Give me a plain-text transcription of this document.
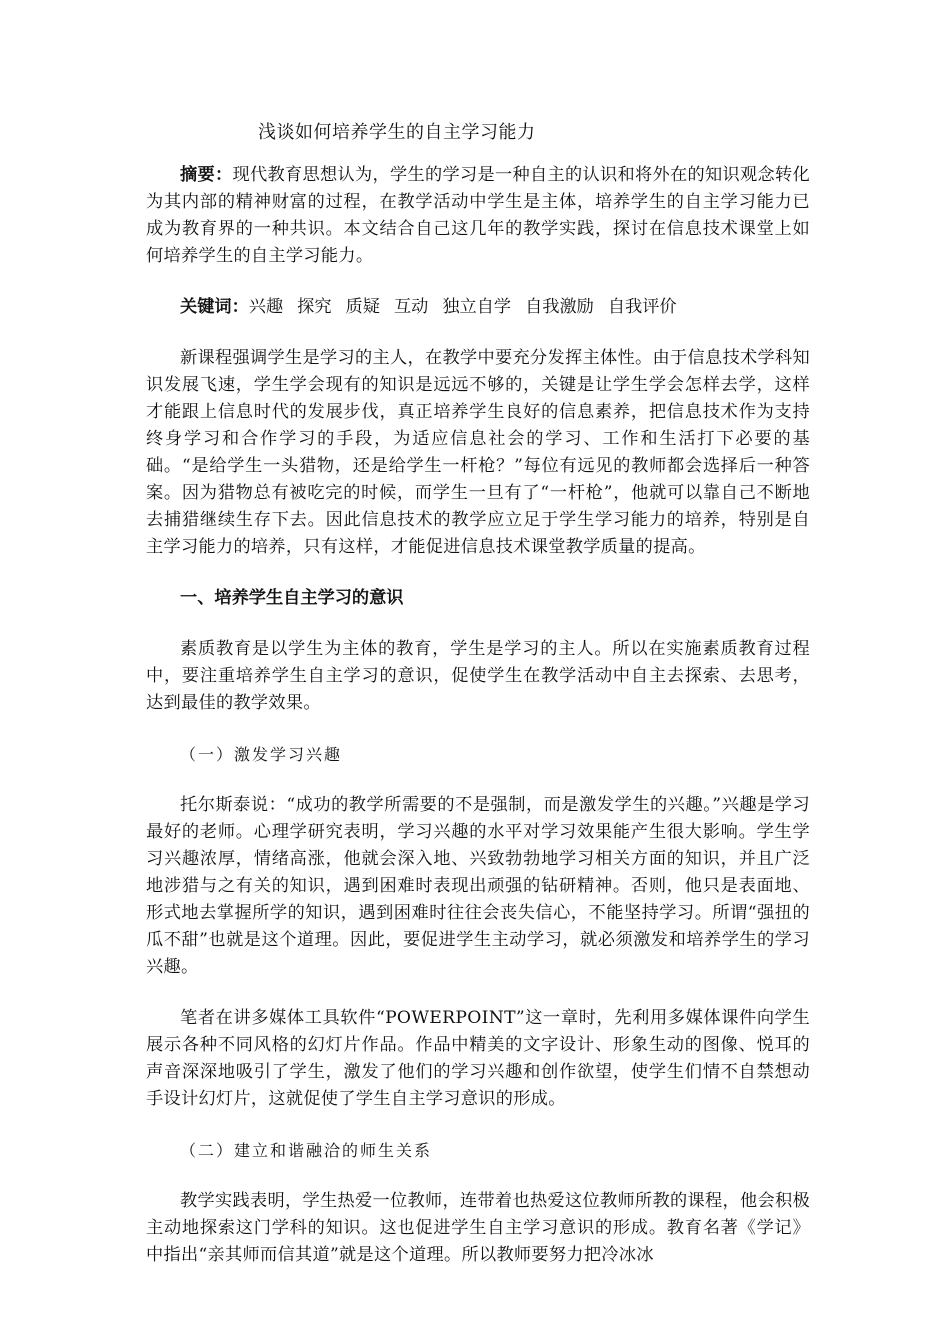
浅谈如何培养学生的自主学习能力

摘要：现代教育思想认为，学生的学习是一种自主的认识和将外在的知识观念转化为其内部的精神财富的过程，在教学活动中学生是主体，培养学生的自主学习能力已成为教育界的一种共识。本文结合自己这几年的教学实践，探讨在信息技术课堂上如何培养学生的自主学习能力。

关键词：兴趣 探究 质疑 互动 独立自学 自我激励 自我评价

新课程强调学生是学习的主人，在教学中要充分发挥主体性。由于信息技术学科知识发展飞速，学生学会现有的知识是远远不够的，关键是让学生学会怎样去学，这样才能跟上信息时代的发展步伐，真正培养学生良好的信息素养，把信息技术作为支持终身学习和合作学习的手段，为适应信息社会的学习、工作和生活打下必要的基础。“是给学生一头猎物，还是给学生一杆枪？”每位有远见的教师都会选择后一种答案。因为猎物总有被吃完的时候，而学生一旦有了“一杆枪”，他就可以靠自己不断地去捕猎继续生存下去。因此信息技术的教学应立足于学生学习能力的培养，特别是自主学习能力的培养，只有这样，才能促进信息技术课堂教学质量的提高。

一、培养学生自主学习的意识

素质教育是以学生为主体的教育，学生是学习的主人。所以在实施素质教育过程中，要注重培养学生自主学习的意识，促使学生在教学活动中自主去探索、去思考，达到最佳的教学效果。

（一）激发学习兴趣

托尔斯泰说：“成功的教学所需要的不是强制，而是激发学生的兴趣。”兴趣是学习最好的老师。心理学研究表明，学习兴趣的水平对学习效果能产生很大影响。学生学习兴趣浓厚，情绪高涨，他就会深入地、兴致勃勃地学习相关方面的知识，并且广泛地涉猎与之有关的知识，遇到困难时表现出顽强的钻研精神。否则，他只是表面地、形式地去掌握所学的知识，遇到困难时往往会丧失信心，不能坚持学习。所谓“强扭的瓜不甜”也就是这个道理。因此，要促进学生主动学习，就必须激发和培养学生的学习兴趣。

笔者在讲多媒体工具软件“POWERPOINT”这一章时，先利用多媒体课件向学生展示各种不同风格的幻灯片作品。作品中精美的文字设计、形象生动的图像、悦耳的声音深深地吸引了学生，激发了他们的学习兴趣和创作欲望，使学生们情不自禁想动手设计幻灯片，这就促使了学生自主学习意识的形成。

（二）建立和谐融洽的师生关系

教学实践表明，学生热爱一位教师，连带着也热爱这位教师所教的课程，他会积极主动地探索这门学科的知识。这也促进学生自主学习意识的形成。教育名著《学记》中指出“亲其师而信其道”就是这个道理。所以教师要努力把冷冰冰
